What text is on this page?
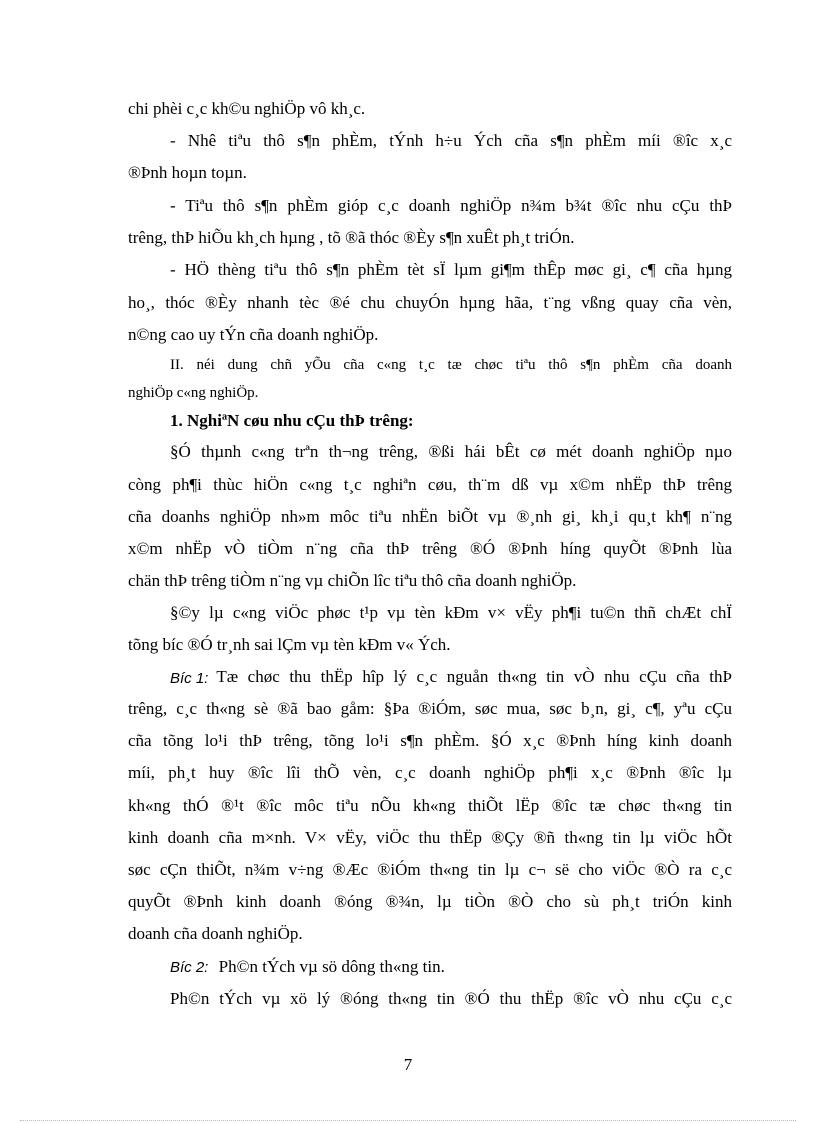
chi phèi c¸c kh©u nghiÖp vô kh¸c.
- Nhê tiªu thô s¶n phÈm, tÝnh h÷u Ých cña s¶n phÈm míi ®îc x¸c
®Þnh hoµn toµn.
- Tiªu thô s¶n phÈm gióp c¸c doanh nghiÖp n¾m b¾t ®îc nhu cÇu thÞ
trêng, thÞ hiÕu kh¸ch hµng , tõ ®ã thóc ®Èy s¶n xuÊt ph¸t triÓn.
- HÖ thèng tiªu thô s¶n phÈm tèt sÏ lµm gi¶m thÊp møc gi¸ c¶ cña hµng
ho¸, thóc ®Èy nhanh tèc ®é chu chuyÓn hµng hãa, t¨ng vßng quay cña vèn,
n©ng cao uy tÝn cña doanh nghiÖp.
II. néi dung chñ yÕu cña c«ng t¸c tæ chøc tiªu thô s¶n phÈm cña doanh
nghiÖp c«ng nghiÖp.
1. NghiªN cøu nhu cÇu thÞ trêng:
§Ó thµnh c«ng trªn th¬ng trêng, ®ßi hái bÊt cø mét doanh nghiÖp nµo
còng ph¶i thùc hiÖn c«ng t¸c nghiªn cøu, th¨m dß vµ x©m nhËp thÞ trêng
cña doanhs nghiÖp nh»m môc tiªu nhËn biÕt vµ ®¸nh gi¸ kh¸i qu¸t kh¶ n¨ng
x©m nhËp vÒ tiÒm n¨ng cña thÞ trêng ®Ó ®Þnh híng quyÕt ®Þnh lùa
chän thÞ trêng tiÒm n¨ng vµ chiÕn lîc tiªu thô cña doanh nghiÖp.
§©y lµ c«ng viÖc phøc t¹p vµ tèn kÐm v× vËy ph¶i tu©n thñ chÆt chÏ
tõng bíc ®Ó tr¸nh sai lÇm vµ tèn kÐm v« Ých.
Bíc 1: Tæ chøc thu thËp hîp lý c¸c nguån th«ng tin vÒ nhu cÇu cña thÞ
trêng, c¸c th«ng sè ®ã bao gåm: §Þa ®iÓm, søc mua, søc b¸n, gi¸ c¶, yªu cÇu
cña tõng lo¹i thÞ trêng, tõng lo¹i s¶n phÈm. §Ó x¸c ®Þnh híng kinh doanh
míi, ph¸t huy ®îc lîi thÕ vèn, c¸c doanh nghiÖp ph¶i x¸c ®Þnh ®îc lµ
kh«ng thÓ ®¹t ®îc môc tiªu nÕu kh«ng thiÕt lËp ®îc tæ chøc th«ng tin
kinh doanh cña m×nh. V× vËy, viÖc thu thËp ®Çy ®ñ th«ng tin lµ viÖc hÕt
søc cÇn thiÕt, n¾m v÷ng ®Æc ®iÓm th«ng tin lµ c¬ së cho viÖc ®Ò ra c¸c
quyÕt ®Þnh kinh doanh ®óng ®¾n, lµ tiÒn ®Ò cho sù ph¸t triÓn kinh
doanh cña doanh nghiÖp.
Bíc 2: Ph©n tÝch vµ sö dông th«ng tin.
Ph©n tÝch vµ xö lý ®óng th«ng tin ®Ó thu thËp ®îc vÒ nhu cÇu c¸c
7
